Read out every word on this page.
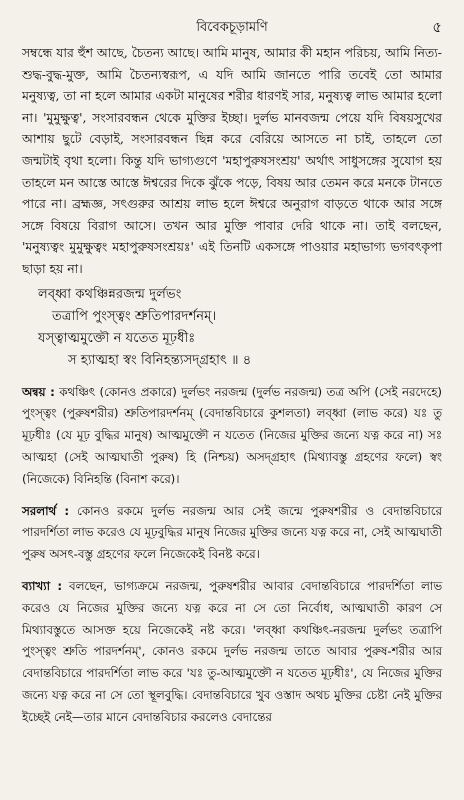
বিবেকচূড়ামণি	৫

সম্বন্ধে যার হুঁশ আছে, চৈতন্য আছে। আমি মানুষ, আমার কী মহান পরিচয়, আমি নিত্য-শুদ্ধ-বুদ্ধ-মুক্ত, আমি চৈতন্যস্বরূপ, এ যদি আমি জানতে পারি তবেই তো আমার মনুষ্যত্ব, তা না হলে আমার একটা মানুষের শরীর ধারণই সার, মনুষ্যত্ব লাভ আমার হলো না। 'মুমুক্ষুত্ব', সংসারবন্ধন থেকে মুক্তির ইচ্ছা। দুর্লভ মানবজন্ম পেয়ে যদি বিষয়সুখের আশায় ছুটে বেড়াই, সংসারবন্ধন ছিন্ন করে বেরিয়ে আসতে না চাই, তাহলে তো জন্মটাই বৃথা হলো। কিন্তু যদি ভাগ্যগুণে 'মহাপুরুষসংশ্রয়' অর্থাৎ সাধুসঙ্গের সুযোগ হয় তাহলে মন আস্তে আস্তে ঈশ্বরের দিকে ঝুঁকে পড়ে, বিষয় আর তেমন করে মনকে টানতে পারে না। ব্রহ্মজ্ঞ, সৎগুরুর আশ্রয় লাভ হলে ঈশ্বরে অনুরাগ বাড়তে থাকে আর সঙ্গে সঙ্গে বিষয়ে বিরাগ আসে। তখন আর মুক্তি পাবার দেরি থাকে না। তাই বলছেন, 'মনুষ্যত্বং মুমুক্ষুত্বং মহাপুরুষসংশ্রয়ঃ' এই তিনটি একসঙ্গে পাওয়ার মহাভাগ্য ভগবৎকৃপা ছাড়া হয় না।

লব্ধ্বা কথঞ্চিন্নরজন্ম দুর্লভং
তত্রাপি পুংস্ত্বং শ্রুতিপারদর্শনম্।
যস্ত্বাত্মমুক্তৌ ন যতেত মূঢ়ধীঃ
স হ্যাত্মহা স্বং বিনিহন্ত্যসদ্গ্রহাৎ ॥ ৪

অন্বয় : কথঞ্চিৎ (কোনও প্রকারে) দুর্লভং নরজন্ম (দুর্লভ নরজন্ম) তত্র অপি (সেই নরদেহে) পুংস্ত্বং (পুরুষশরীর) শ্রুতিপারদর্শনম্ (বেদান্তবিচারে কুশলতা) লব্ধ্বা (লাভ করে) যঃ তু মূঢ়ধীঃ (যে মূঢ় বুদ্ধির মানুষ) আত্মমুক্তৌ ন যতেত (নিজের মুক্তির জন্যে যত্ন করে না) সঃ আত্মহা (সেই আত্মঘাতী পুরুষ) হি (নিশ্চয়) অসদ্গ্রহাৎ (মিথ্যাবস্তু গ্রহণের ফলে) স্বং (নিজেকে) বিনিহন্তি (বিনাশ করে)।

সরলার্থ : কোনও রকমে দুর্লভ নরজন্ম আর সেই জন্মে পুরুষশরীর ও বেদান্তবিচারে পারদর্শিতা লাভ করেও যে মূঢ়বুদ্ধির মানুষ নিজের মুক্তির জন্যে যত্ন করে না, সেই আত্মঘাতী পুরুষ অসৎ-বস্তু গ্রহণের ফলে নিজেকেই বিনষ্ট করে।

ব্যাখ্যা : বলছেন, ভাগ্যক্রমে নরজন্ম, পুরুষশরীর আবার বেদান্তবিচারে পারদর্শিতা লাভ করেও যে নিজের মুক্তির জন্যে যত্ন করে না সে তো নির্বোধ, আত্মঘাতী কারণ সে মিথ্যাবস্তুতে আসক্ত হয়ে নিজেকেই নষ্ট করে। 'লব্ধ্বা কথঞ্চিৎ-নরজন্ম দুর্লভং তত্রাপি পুংস্ত্বং শ্রুতি পারদর্শনম্', কোনও রকমে দুর্লভ নরজন্ম তাতে আবার পুরুষ-শরীর আর বেদান্তবিচারে পারদর্শিতা লাভ করে 'যঃ তু-আত্মমুক্তৌ ন যতেত মূঢ়ধীঃ', যে নিজের মুক্তির জন্যে যত্ন করে না সে তো স্থূলবুদ্ধি। বেদান্তবিচারে খুব ওস্তাদ অথচ মুক্তির চেষ্টা নেই মুক্তির ইচ্ছেই নেই—তার মানে বেদান্তবিচার করলেও বেদান্তের
